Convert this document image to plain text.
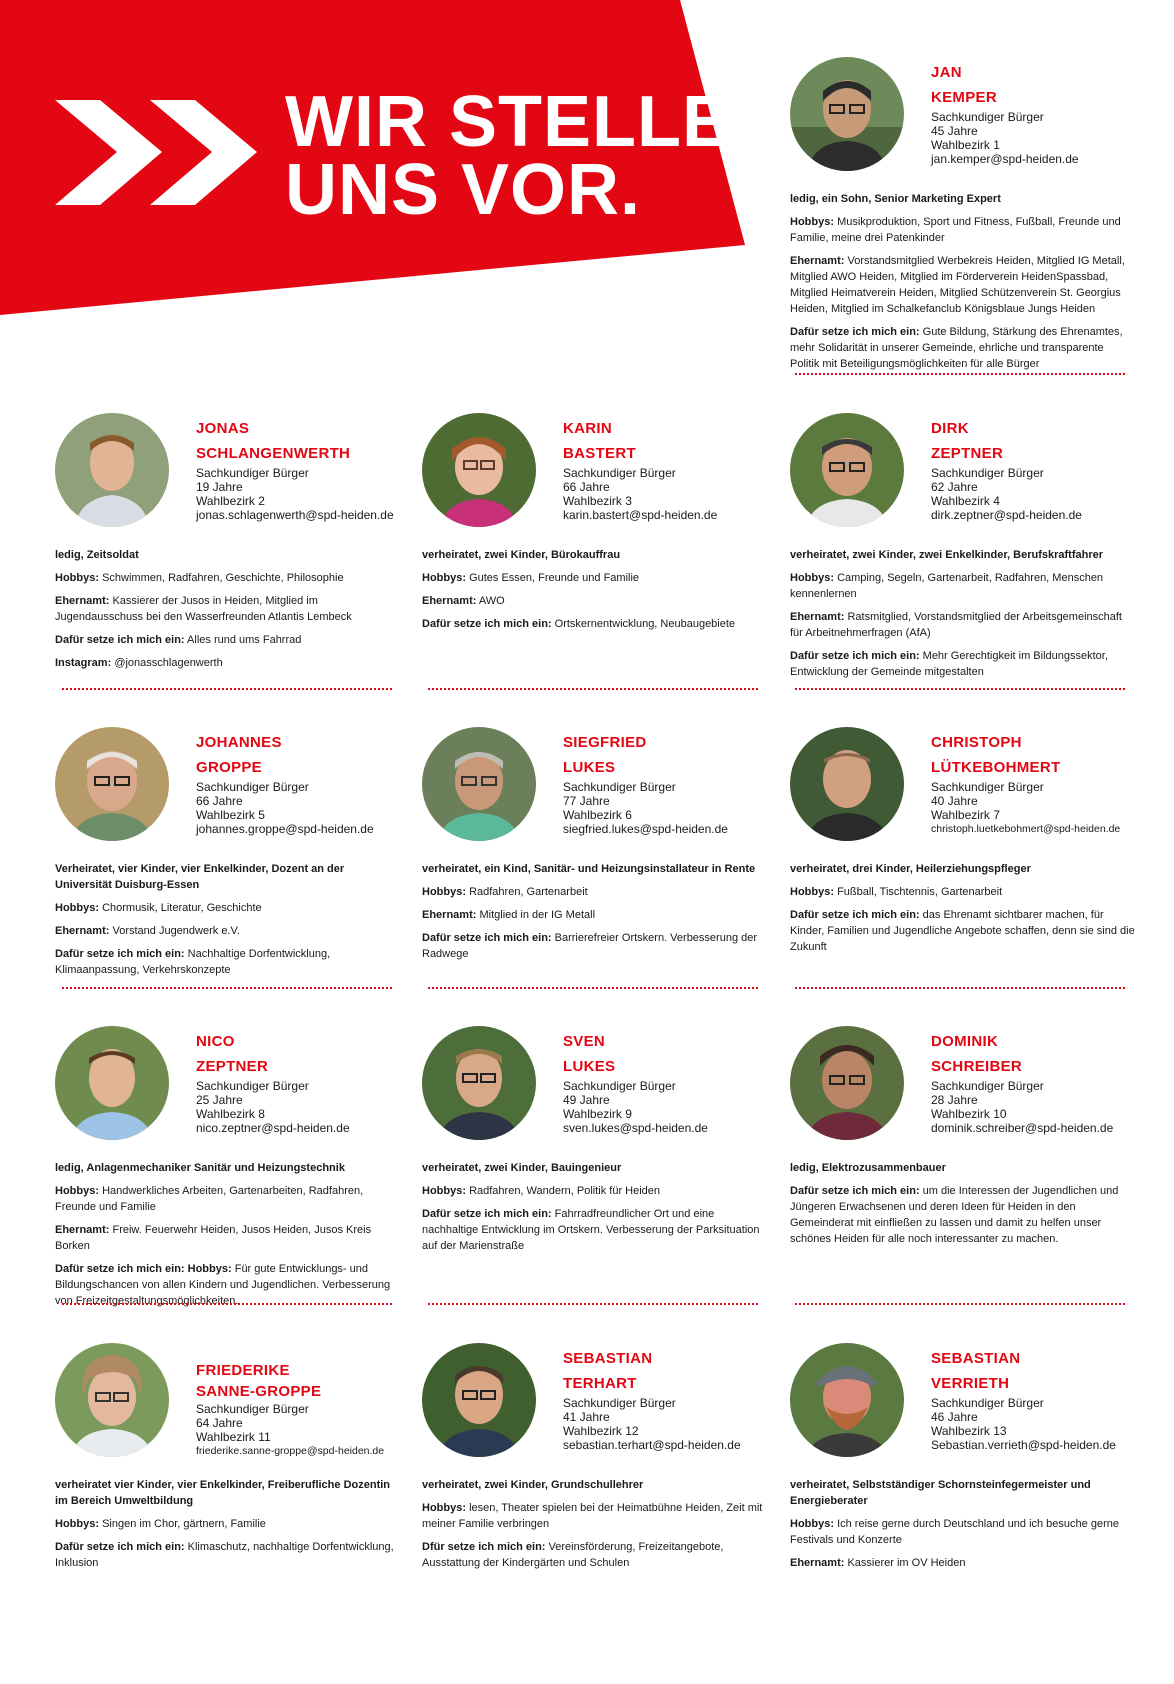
WIR STELLEN
UNS VOR.
JAN
KEMPER
Sachkundiger Bürger
45 Jahre
Wahlbezirk 1
jan.kemper@spd-heiden.de

ledig, ein Sohn, Senior Marketing Expert

Hobbys: Musikproduktion, Sport und Fitness, Fußball, Freunde und Familie, meine drei Patenkinder

Ehernamt: Vorstandsmitglied Werbekreis Heiden, Mitglied IG Metall, Mitglied AWO Heiden, Mitglied im Förderverein HeidenSpassbad, Mitglied Heimatverein Heiden, Mitglied Schützenverein St. Georgius Heiden, Mitglied im Schalkefanclub Königsblaue Jungs Heiden

Dafür setze ich mich ein: Gute Bildung, Stärkung des Ehrenamtes, mehr Solidarität in unserer Gemeinde, ehrliche und transparente Politik mit Beteiligungsmöglichkeiten für alle Bürger

JONAS
SCHLANGENWERTH
Sachkundiger Bürger
19 Jahre
Wahlbezirk 2
jonas.schlagenwerth@spd-heiden.de

ledig, Zeitsoldat

Hobbys: Schwimmen, Radfahren, Geschichte, Philosophie

Ehernamt: Kassierer der Jusos in Heiden, Mitglied im Jugendausschuss bei den Wasserfreunden Atlantis Lembeck

Dafür setze ich mich ein: Alles rund ums Fahrrad

Instagram: @jonasschlagenwerth

KARIN
BASTERT
Sachkundiger Bürger
66 Jahre
Wahlbezirk 3
karin.bastert@spd-heiden.de

verheiratet, zwei Kinder, Bürokauffrau

Hobbys: Gutes Essen, Freunde und Familie

Ehernamt: AWO

Dafür setze ich mich ein: Ortskernentwicklung, Neubaugebiete

DIRK
ZEPTNER
Sachkundiger Bürger
62 Jahre
Wahlbezirk 4
dirk.zeptner@spd-heiden.de

verheiratet, zwei Kinder, zwei Enkelkinder, Berufskraftfahrer

Hobbys: Camping, Segeln, Gartenarbeit, Radfahren, Menschen kennenlernen

Ehernamt: Ratsmitglied, Vorstandsmitglied der Arbeitsgemeinschaft für Arbeitnehmerfragen (AfA)

Dafür setze ich mich ein: Mehr Gerechtigkeit im Bildungssektor, Entwicklung der Gemeinde mitgestalten

JOHANNES
GROPPE
Sachkundiger Bürger
66 Jahre
Wahlbezirk 5
johannes.groppe@spd-heiden.de

Verheiratet, vier Kinder, vier Enkelkinder, Dozent an der Universität Duisburg-Essen

Hobbys: Chormusik, Literatur, Geschichte

Ehernamt: Vorstand Jugendwerk e.V.

Dafür setze ich mich ein: Nachhaltige Dorfentwicklung, Klimaanpassung, Verkehrskonzepte

SIEGFRIED
LUKES
Sachkundiger Bürger
77 Jahre
Wahlbezirk 6
siegfried.lukes@spd-heiden.de

verheiratet, ein Kind, Sanitär- und Heizungsinstallateur in Rente

Hobbys: Radfahren, Gartenarbeit

Ehernamt: Mitglied in der IG Metall

Dafür setze ich mich ein: Barrierefreier Ortskern. Verbesserung der Radwege

CHRISTOPH
LÜTKEBOHMERT
Sachkundiger Bürger
40 Jahre
Wahlbezirk 7
christoph.luetkebohmert@spd-heiden.de

verheiratet, drei Kinder, Heilerziehungspfleger

Hobbys: Fußball, Tischtennis, Gartenarbeit

Dafür setze ich mich ein: das Ehrenamt sichtbarer machen, für Kinder, Familien und Jugendliche Angebote schaffen, denn sie sind die Zukunft

NICO
ZEPTNER
Sachkundiger Bürger
25 Jahre
Wahlbezirk 8
nico.zeptner@spd-heiden.de

ledig, Anlagenmechaniker Sanitär und Heizungstechnik

Hobbys: Handwerkliches Arbeiten, Gartenarbeiten, Radfahren, Freunde und Familie

Ehernamt: Freiw. Feuerwehr Heiden, Jusos Heiden, Jusos Kreis Borken

Dafür setze ich mich ein: Hobbys: Für gute Entwicklungs- und Bildungschancen von allen Kindern und Jugendlichen. Verbesserung von Freizeitgestaltungsmöglichkeiten.

SVEN
LUKES
Sachkundiger Bürger
49 Jahre
Wahlbezirk 9
sven.lukes@spd-heiden.de

verheiratet, zwei Kinder, Bauingenieur

Hobbys: Radfahren, Wandern, Politik für Heiden

Dafür setze ich mich ein: Fahrradfreundlicher Ort und eine nachhaltige Entwicklung im Ortskern. Verbesserung der Parksituation auf der Marienstraße

DOMINIK
SCHREIBER
Sachkundiger Bürger
28 Jahre
Wahlbezirk 10
dominik.schreiber@spd-heiden.de

ledig, Elektrozusammenbauer

Dafür setze ich mich ein: um die Interessen der Jugendlichen und Jüngeren Erwachsenen und deren Ideen für Heiden in den Gemeinderat mit einfließen zu lassen und damit zu helfen unser schönes Heiden für alle noch interessanter zu machen.

FRIEDERIKE
SANNE-GROPPE
Sachkundiger Bürger
64 Jahre
Wahlbezirk 11
friederike.sanne-groppe@spd-heiden.de

verheiratet vier Kinder, vier Enkelkinder, Freiberufliche Dozentin im Bereich Umweltbildung

Hobbys: Singen im Chor, gärtnern, Familie

Dafür setze ich mich ein: Klimaschutz, nachhaltige Dorfentwicklung, Inklusion

SEBASTIAN
TERHART
Sachkundiger Bürger
41 Jahre
Wahlbezirk 12
sebastian.terhart@spd-heiden.de

verheiratet, zwei Kinder, Grundschullehrer

Hobbys: lesen, Theater spielen bei der Heimatbühne Heiden, Zeit mit meiner Familie verbringen

Dfür setze ich mich ein: Vereinsförderung, Freizeitangebote, Ausstattung der Kindergärten und Schulen

SEBASTIAN
VERRIETH
Sachkundiger Bürger
46 Jahre
Wahlbezirk 13
Sebastian.verrieth@spd-heiden.de

verheiratet, Selbstständiger Schornsteinfegermeister und Energieberater

Hobbys: Ich reise gerne durch Deutschland und ich besuche gerne Festivals und Konzerte

Ehernamt: Kassierer im OV Heiden
